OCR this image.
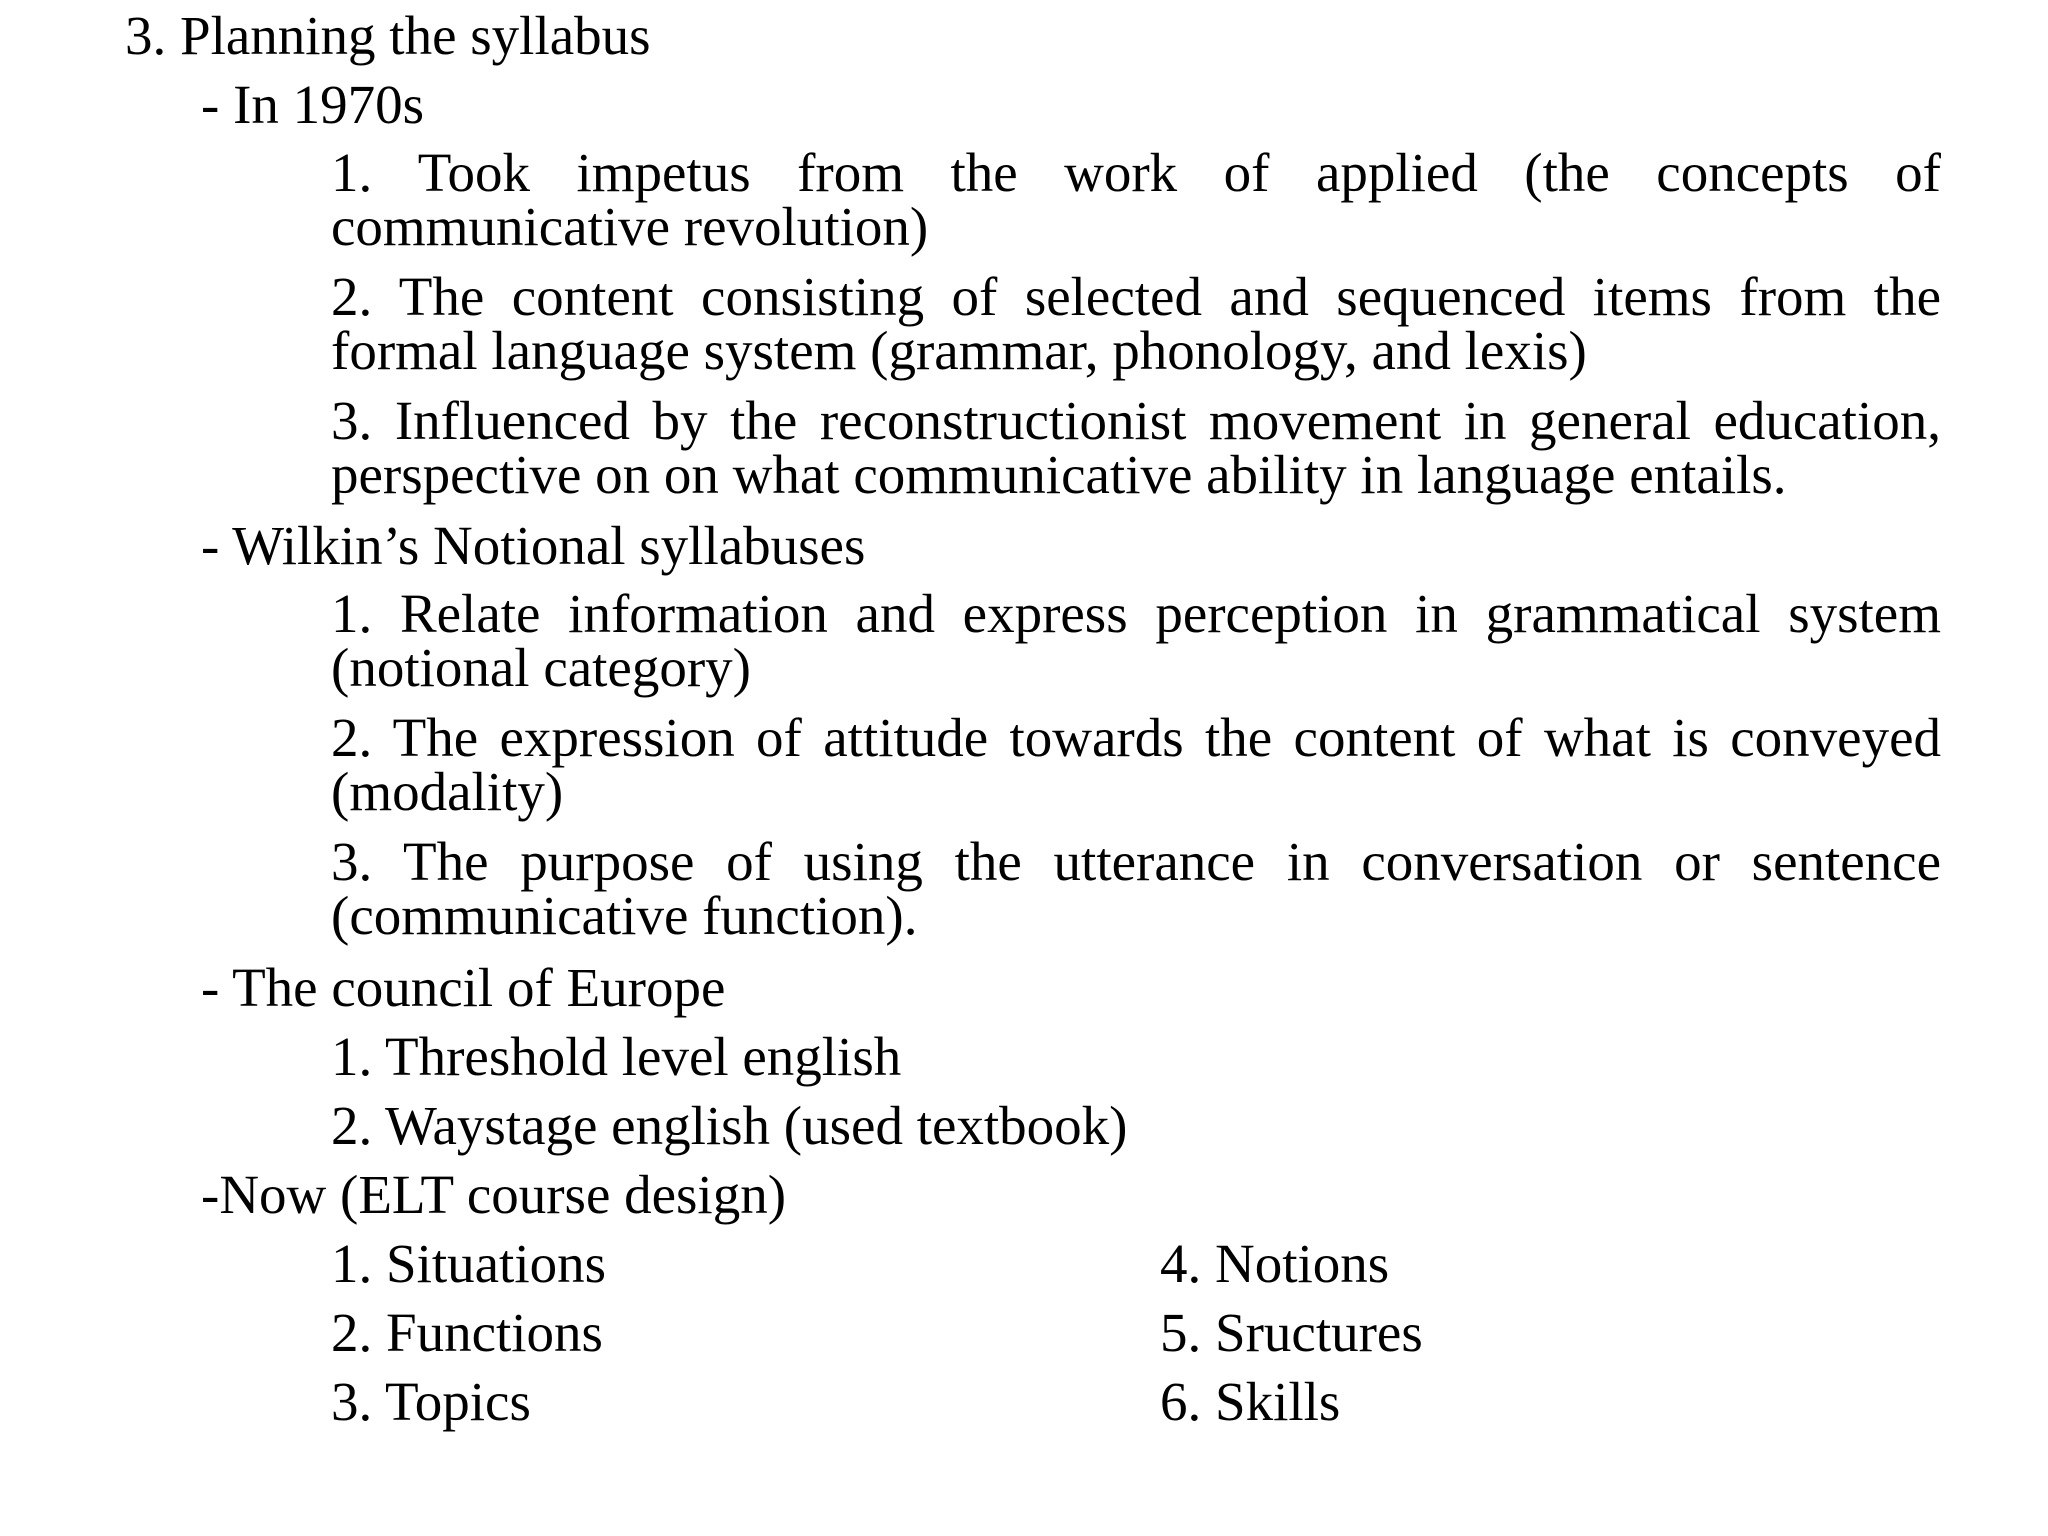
3. Planning the syllabus
- In 1970s
1. Took impetus from the work of applied (the concepts of communicative revolution)
2. The content consisting of selected and sequenced items from the formal language system (grammar, phonology, and lexis)
3. Influenced by the reconstructionist movement in general education, perspective on on what communicative ability in language entails.
- Wilkin’s Notional syllabuses
1. Relate information and express perception in grammatical system (notional category)
2. The expression of attitude towards the content of what is conveyed (modality)
3. The purpose of using the utterance in conversation or sentence (communicative function).
- The council of Europe
1. Threshold level english
2. Waystage english (used textbook)
-Now (ELT course design)
1. Situations
2. Functions
3. Topics
4. Notions
5. Sructures
6. Skills
